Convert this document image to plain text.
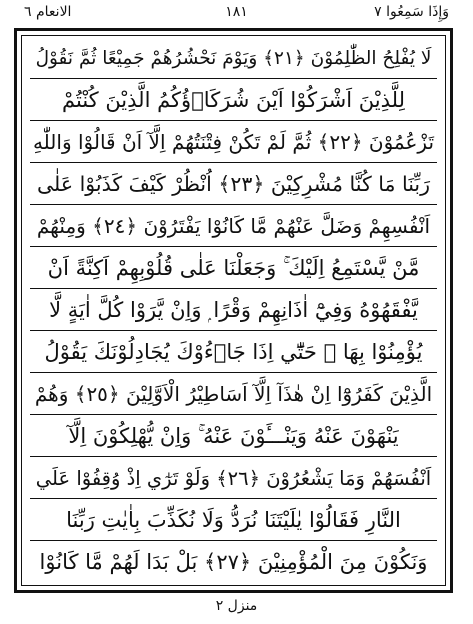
وَإِذَا سَمِعُوا ٧
١٨١
الانعام ٦
لَا يُفْلِحُ الظّٰلِمُوْنَ ﴿٢١﴾ وَيَوْمَ نَحْشُرُهُمْ جَمِيْعًا ثُمَّ نَقُوْلُ
لِلَّذِيْنَ اَشْرَكُوْا اَيْنَ شُرَكَاۗؤُكُمُ الَّذِيْنَ كُنْتُمْ
تَزْعُمُوْنَ ﴿٢٢﴾ ثُمَّ لَمْ تَكُنْ فِتْنَتُهُمْ اِلَّآ اَنْ قَالُوْا وَاللّٰهِ
رَبِّنَا مَا كُنَّا مُشْرِكِيْنَ ﴿٢٣﴾ اُنْظُرْ كَيْفَ كَذَبُوْا عَلٰى
اَنْفُسِهِمْ وَضَلَّ عَنْهُمْ مَّا كَانُوْا يَفْتَرُوْنَ ﴿٢٤﴾ وَمِنْهُمْ
مَّنْ يَّسْتَمِعُ اِلَيْكَ ۚ وَجَعَلْنَا عَلٰى قُلُوْبِهِمْ اَكِنَّةً اَنْ
يَّفْقَهُوْهُ وَفِيْٓ اٰذَانِهِمْ وَقْرًا ۭ وَاِنْ يَّرَوْا كُلَّ اٰيَةٍ لَّا
يُؤْمِنُوْا بِهَا ۭ حَتّٰٓي اِذَا جَاۗءُوْكَ يُجَادِلُوْنَكَ يَقُوْلُ
الَّذِيْنَ كَفَرُوْٓا اِنْ هٰذَآ اِلَّآ اَسَاطِيْرُ الْاَوَّلِيْنَ ﴿٢٥﴾ وَهُمْ
يَنْهَوْنَ عَنْهُ وَيَنْـــَٔوْنَ عَنْهُ ۚ وَاِنْ يُّهْلِكُوْنَ اِلَّآ
اَنْفُسَهُمْ وَمَا يَشْعُرُوْنَ ﴿٢٦﴾ وَلَوْ تَرٰٓي اِذْ وُقِفُوْا عَلَي
النَّارِ فَقَالُوْا يٰلَيْتَنَا نُرَدُّ وَلَا نُكَذِّبَ بِاٰيٰتِ رَبِّنَا
وَنَكُوْنَ مِنَ الْمُؤْمِنِيْنَ ﴿٢٧﴾ بَلْ بَدَا لَهُمْ مَّا كَانُوْا
منزل ٢
